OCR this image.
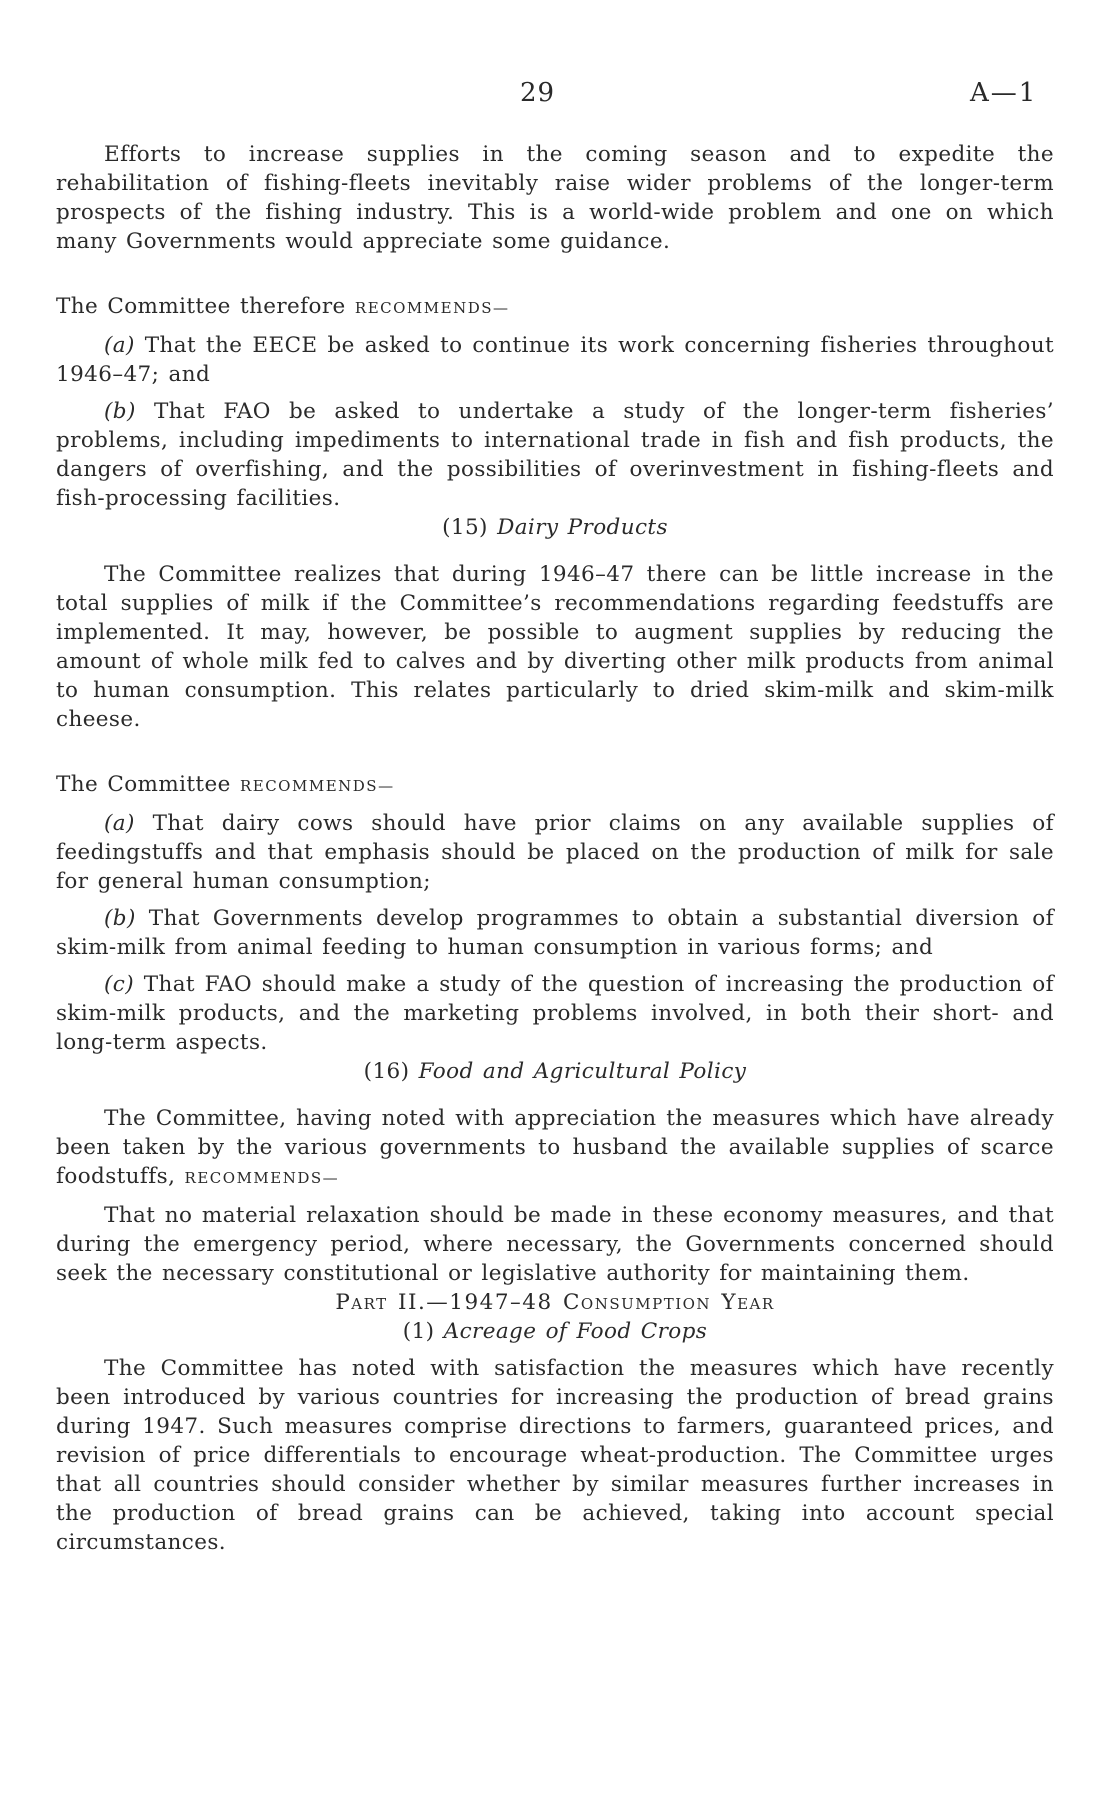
29	A—1

Efforts to increase supplies in the coming season and to expedite the rehabilitation of fishing-fleets inevitably raise wider problems of the longer-term prospects of the fishing industry. This is a world-wide problem and one on which many Governments would appreciate some guidance.

The Committee therefore RECOMMENDS—

(a) That the EECE be asked to continue its work concerning fisheries throughout 1946–47; and

(b) That FAO be asked to undertake a study of the longer-term fisheries’ problems, including impediments to international trade in fish and fish products, the dangers of overfishing, and the possibilities of overinvestment in fishing-fleets and fish-processing facilities.

(15) Dairy Products

The Committee realizes that during 1946–47 there can be little increase in the total supplies of milk if the Committee’s recommendations regarding feedstuffs are implemented. It may, however, be possible to augment supplies by reducing the amount of whole milk fed to calves and by diverting other milk products from animal to human consumption. This relates particularly to dried skim-milk and skim-milk cheese.

The Committee RECOMMENDS—

(a) That dairy cows should have prior claims on any available supplies of feedingstuffs and that emphasis should be placed on the production of milk for sale for general human consumption;

(b) That Governments develop programmes to obtain a substantial diversion of skim-milk from animal feeding to human consumption in various forms; and

(c) That FAO should make a study of the question of increasing the production of skim-milk products, and the marketing problems involved, in both their short- and long-term aspects.

(16) Food and Agricultural Policy

The Committee, having noted with appreciation the measures which have already been taken by the various governments to husband the available supplies of scarce foodstuffs, RECOMMENDS—

That no material relaxation should be made in these economy measures, and that during the emergency period, where necessary, the Governments concerned should seek the necessary constitutional or legislative authority for maintaining them.

Part II.—1947–48 Consumption Year

(1) Acreage of Food Crops

The Committee has noted with satisfaction the measures which have recently been introduced by various countries for increasing the production of bread grains during 1947. Such measures comprise directions to farmers, guaranteed prices, and revision of price differentials to encourage wheat-production. The Committee urges that all countries should consider whether by similar measures further increases in the production of bread grains can be achieved, taking into account special circumstances.
